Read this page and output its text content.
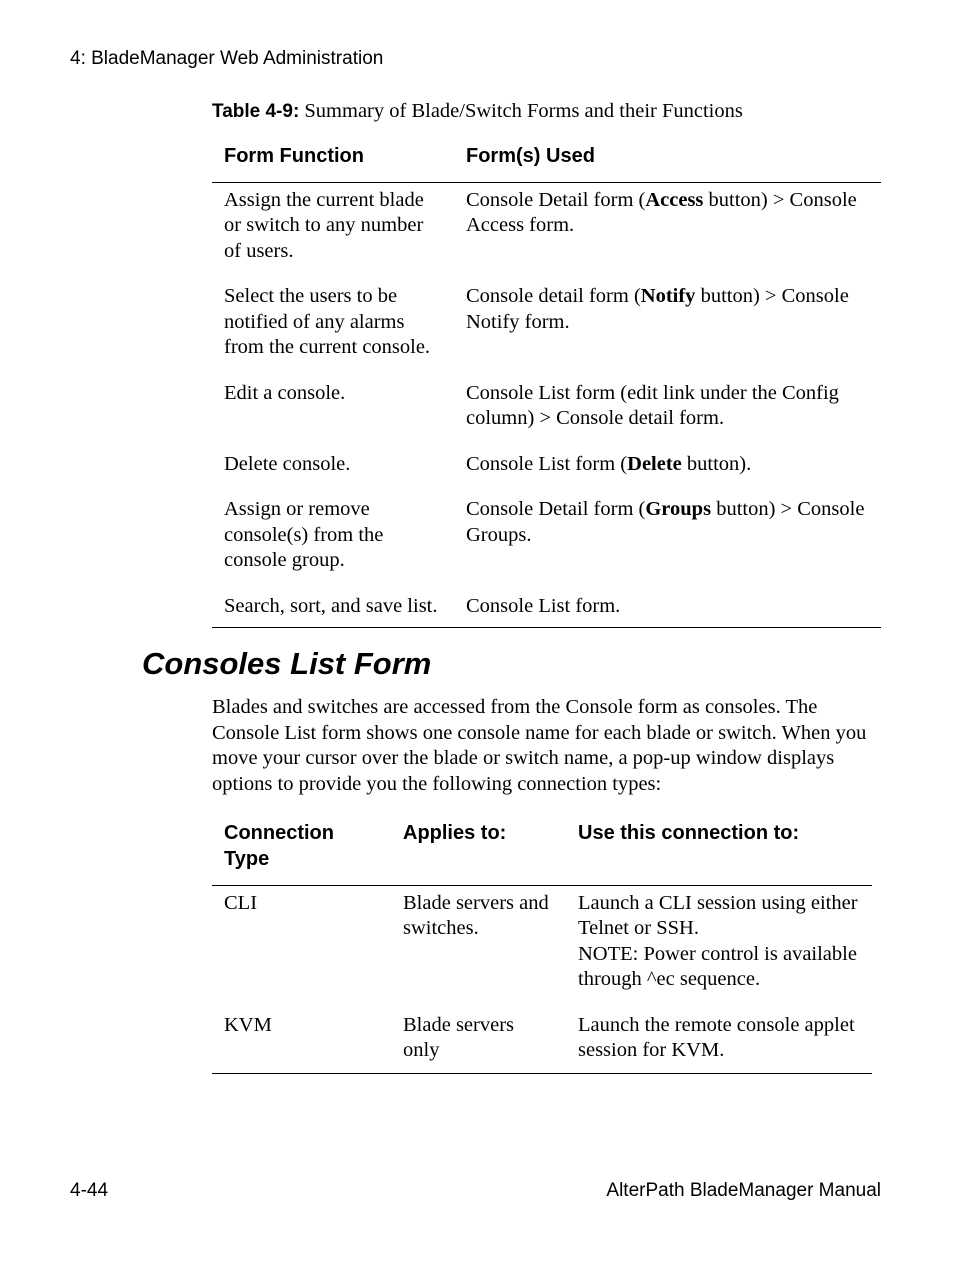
4: BladeManager Web Administration
Table 4-9: Summary of Blade/Switch Forms and their Functions
Form Function	Form(s) Used
Assign the current blade or switch to any number of users.	Console Detail form (Access button) > Console Access form.
Select the users to be notified of any alarms from the current console.	Console detail form (Notify button) > Console Notify form.
Edit a console.	Console List form (edit link under the Config column) > Console detail form.
Delete console.	Console List form (Delete button).
Assign or remove console(s) from the console group.	Console Detail form (Groups button) > Console Groups.
Search, sort, and save list.	Console List form.
Consoles List Form

Blades and switches are accessed from the Console form as consoles. The Console List form shows one console name for each blade or switch. When you move your cursor over the blade or switch name, a pop-up window displays options to provide you the following connection types:

Connection Type	Applies to:	Use this connection to:
CLI	Blade servers and switches.	Launch a CLI session using either Telnet or SSH.
NOTE: Power control is available through ^ec sequence.

KVM	Blade servers only	Launch the remote console applet session for KVM.
4-44	AlterPath BladeManager Manual
